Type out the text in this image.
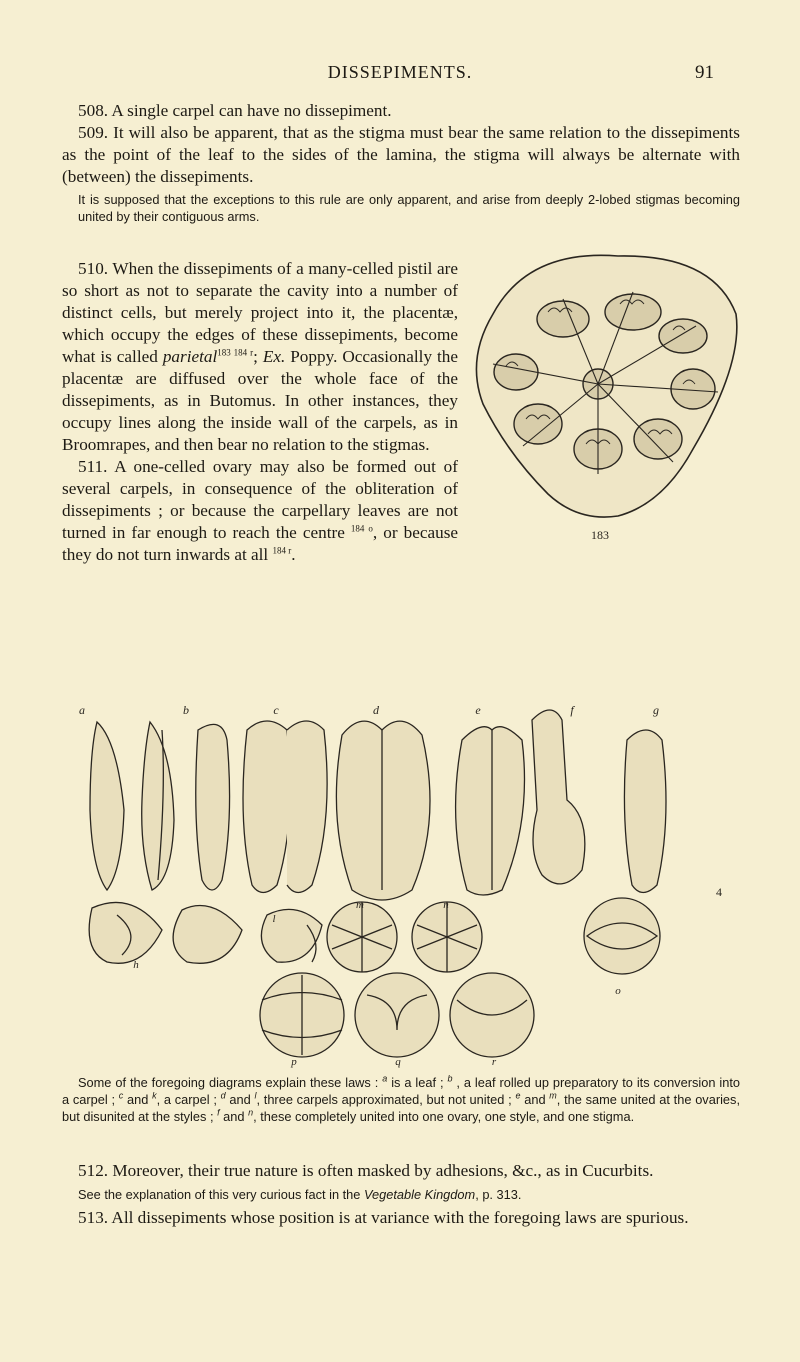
DISSEPIMENTS.	91

508. A single carpel can have no dissepiment.

509. It will also be apparent, that as the stigma must bear the same relation to the dissepiments as the point of the leaf to the sides of the lamina, the stigma will always be alternate with (between) the dissepiments.

It is supposed that the exceptions to this rule are only apparent, and arise from deeply 2-lobed stigmas becoming united by their contiguous arms.

183

510. When the dissepiments of a many-celled pistil are so short as not to separate the cavity into a number of distinct cells, but merely project into it, the placentæ, which occupy the edges of these dissepiments, become what is called parietal$^{183 184 r}$; Ex. Poppy. Occasionally the placentæ are diffused over the whole face of the dissepiments, as in Butomus. In other instances, they occupy lines along the inside wall of the carpels, as in Broomrapes, and then bear no relation to the stigmas.

511. A one-celled ovary may also be formed out of several carpels, in consequence of the obliteration of dissepiments ; or because the carpellary leaves are not turned in far enough to reach the centre $^{184 o}$, or because they do not turn inwards at all $^{184 r}$.

a	b	c	d	e	f	g
4
h
l
m	n
o
p	q	r

Some of the foregoing diagrams explain these laws : $^a$ is a leaf ; $^b$ , a leaf rolled up preparatory to its conversion into a carpel ; $^c$ and $^k$, a carpel ; $^d$ and $^l$, three carpels approximated, but not united ; $^e$ and $^m$, the same united at the ovaries, but disunited at the styles ; $^f$ and $^n$, these completely united into one ovary, one style, and one stigma.

512. Moreover, their true nature is often masked by adhesions, &c., as in Cucurbits.

See the explanation of this very curious fact in the Vegetable Kingdom, p. 313.

513. All dissepiments whose position is at variance with the foregoing laws are spurious.
